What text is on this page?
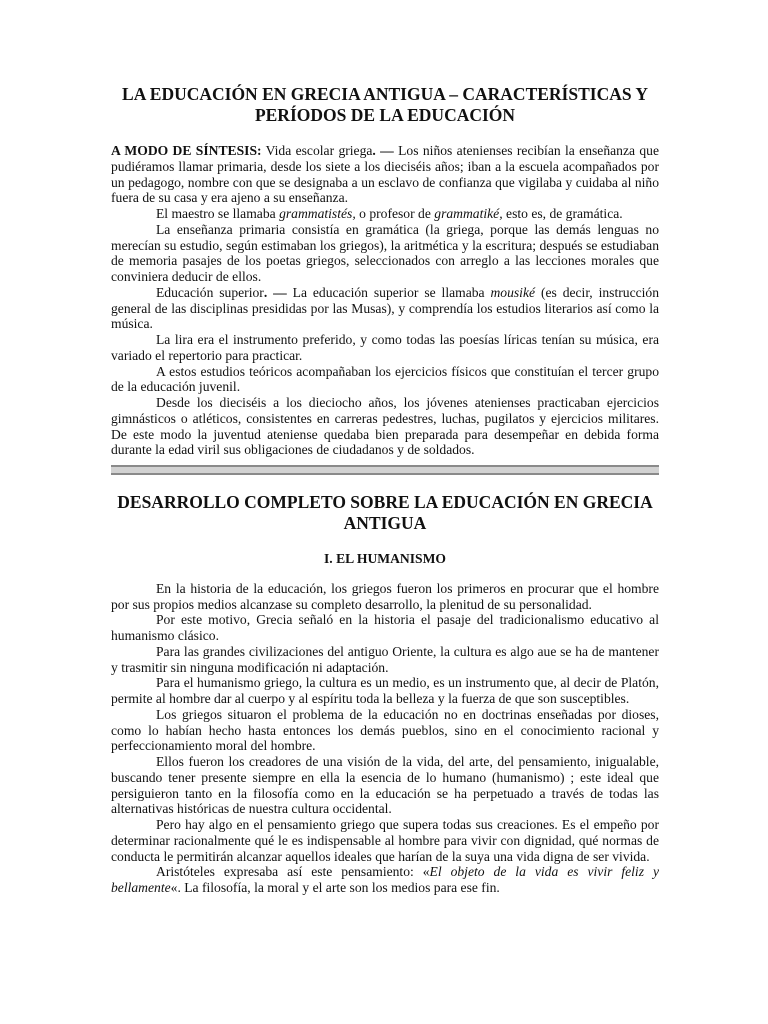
LA EDUCACIÓN EN GRECIA ANTIGUA – CARACTERÍSTICAS Y PERÍODOS DE LA EDUCACIÓN

A MODO DE SÍNTESIS: Vida escolar griega. — Los niños atenienses recibían la enseñanza que pudiéramos llamar primaria, desde los siete a los dieciséis años; iban a la escuela acompañados por un pedagogo, nombre con que se designaba a un esclavo de confianza que vigilaba y cuidaba al niño fuera de su casa y era ajeno a su enseñanza.

El maestro se llamaba grammatistés, o profesor de grammatiké, esto es, de gramática.

La enseñanza primaria consistía en gramática (la griega, porque las demás lenguas no merecían su estudio, según estimaban los griegos), la aritmética y la escritura; después se estudiaban de memoria pasajes de los poetas griegos, seleccionados con arreglo a las lecciones morales que conviniera deducir de ellos.

Educación superior. — La educación superior se llamaba mousiké (es decir, instrucción general de las disciplinas presididas por las Musas), y comprendía los estudios literarios así como la música.

La lira era el instrumento preferido, y como todas las poesías líricas tenían su música, era variado el repertorio para practicar.

A estos estudios teóricos acompañaban los ejercicios físicos que constituían el tercer grupo de la educación juvenil.

Desde los dieciséis a los dieciocho años, los jóvenes atenienses practicaban ejercicios gimnásticos o atléticos, consistentes en carreras pedestres, luchas, pugilatos y ejercicios militares. De este modo la juventud ateniense quedaba bien preparada para desempeñar en debida forma durante la edad viril sus obligaciones de ciudadanos y de soldados.

DESARROLLO COMPLETO SOBRE LA EDUCACIÓN EN GRECIA ANTIGUA

I. EL HUMANISMO

En la historia de la educación, los griegos fueron los primeros en procurar que el hombre por sus propios medios alcanzase su completo desarrollo, la plenitud de su personalidad.

Por este motivo, Grecia señaló en la historia el pasaje del tradicionalismo educativo al humanismo clásico.

Para las grandes civilizaciones del antiguo Oriente, la cultura es algo aue se ha de mantener y trasmitir sin ninguna modificación ni adaptación.

Para el humanismo griego, la cultura es un medio, es un instrumento que, al decir de Platón, permite al hombre dar al cuerpo y al espíritu toda la belleza y la fuerza de que son susceptibles.

Los griegos situaron el problema de la educación no en doctrinas enseñadas por dioses, como lo habían hecho hasta entonces los demás pueblos, sino en el conocimiento racional y perfeccionamiento moral del hombre.

Ellos fueron los creadores de una visión de la vida, del arte, del pensamiento, inigualable, buscando tener presente siempre en ella la esencia de lo humano (humanismo) ; este ideal que persiguieron tanto en la filosofía como en la educación se ha perpetuado a través de todas las alternativas históricas de nuestra cultura occidental.

Pero hay algo en el pensamiento griego que supera todas sus creaciones. Es el empeño por determinar racionalmente qué le es indispensable al hombre para vivir con dignidad, qué normas de conducta le permitirán alcanzar aquellos ideales que harían de la suya una vida digna de ser vivida.

Aristóteles expresaba así este pensamiento: «El objeto de la vida es vivir feliz y bellamente«. La filosofía, la moral y el arte son los medios para ese fin.
